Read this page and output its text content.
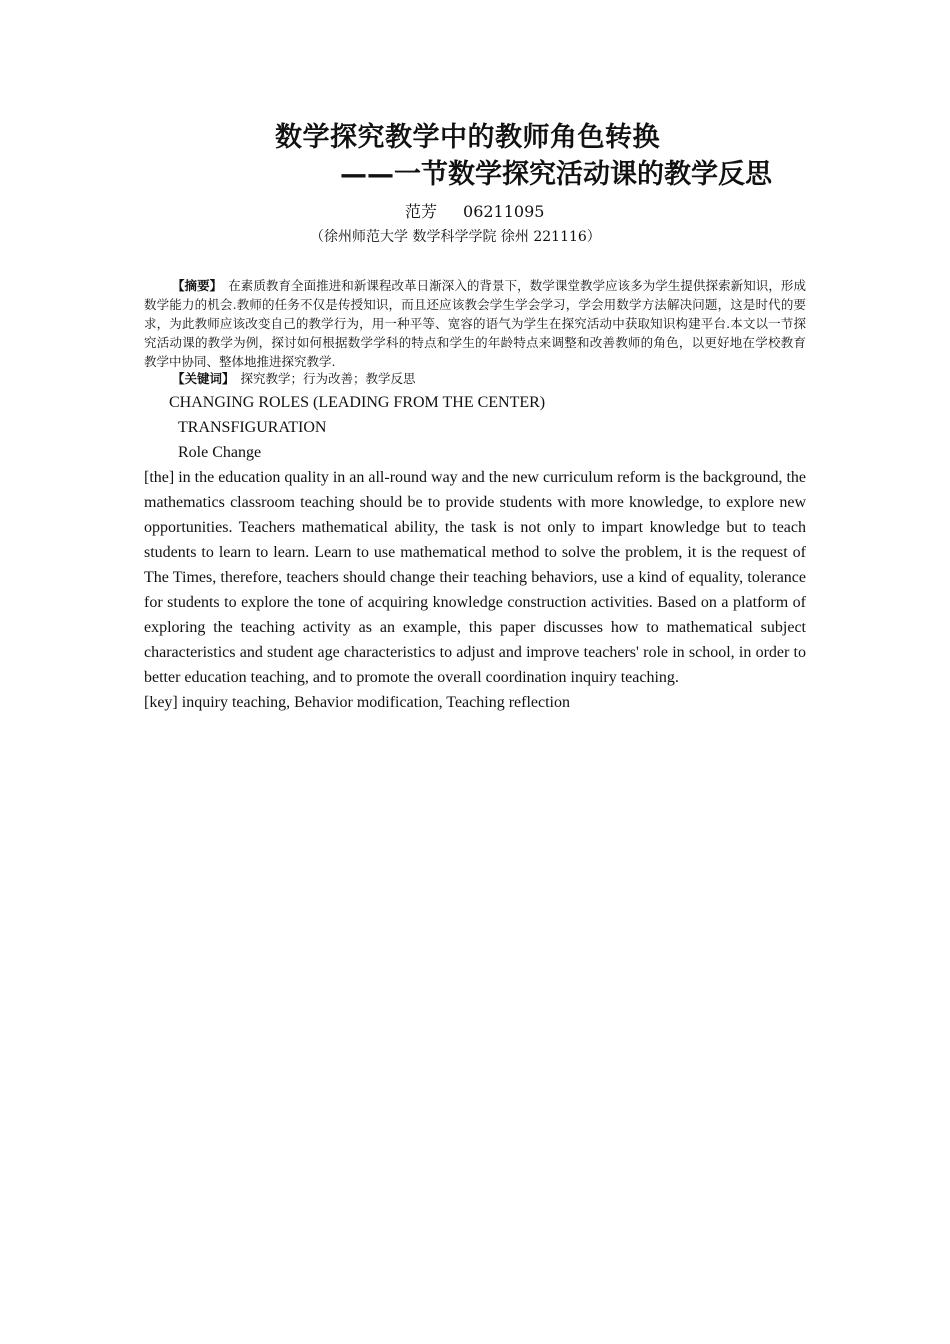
数学探究教学中的教师角色转换
——一节数学探究活动课的教学反思
范芳 06211095
（徐州师范大学 数学科学学院 徐州 221116）
【摘要】 在素质教育全面推进和新课程改革日渐深入的背景下，数学课堂教学应该多为学生提供探索新知识，形成数学能力的机会.教师的任务不仅是传授知识，而且还应该教会学生学会学习，学会用数学方法解决问题，这是时代的要求，为此教师应该改变自己的教学行为，用一种平等、宽容的语气为学生在探究活动中获取知识构建平台.本文以一节探究活动课的教学为例，探讨如何根据数学学科的特点和学生的年龄特点来调整和改善教师的角色，以更好地在学校教育教学中协同、整体地推进探究教学.
【关键词】 探究教学；行为改善；教学反思
CHANGING ROLES (LEADING FROM THE CENTER)
TRANSFIGURATION
Role Change

[the] in the education quality in an all-round way and the new curriculum reform is the background, the mathematics classroom teaching should be to provide students with more knowledge, to explore new opportunities. Teachers mathematical ability, the task is not only to impart knowledge but to teach students to learn to learn. Learn to use mathematical method to solve the problem, it is the request of The Times, therefore, teachers should change their teaching behaviors, use a kind of equality, tolerance for students to explore the tone of acquiring knowledge construction activities. Based on a platform of exploring the teaching activity as an example, this paper discusses how to mathematical subject characteristics and student age characteristics to adjust and improve teachers' role in school, in order to better education teaching, and to promote the overall coordination inquiry teaching.

[key] inquiry teaching, Behavior modification, Teaching reflection
